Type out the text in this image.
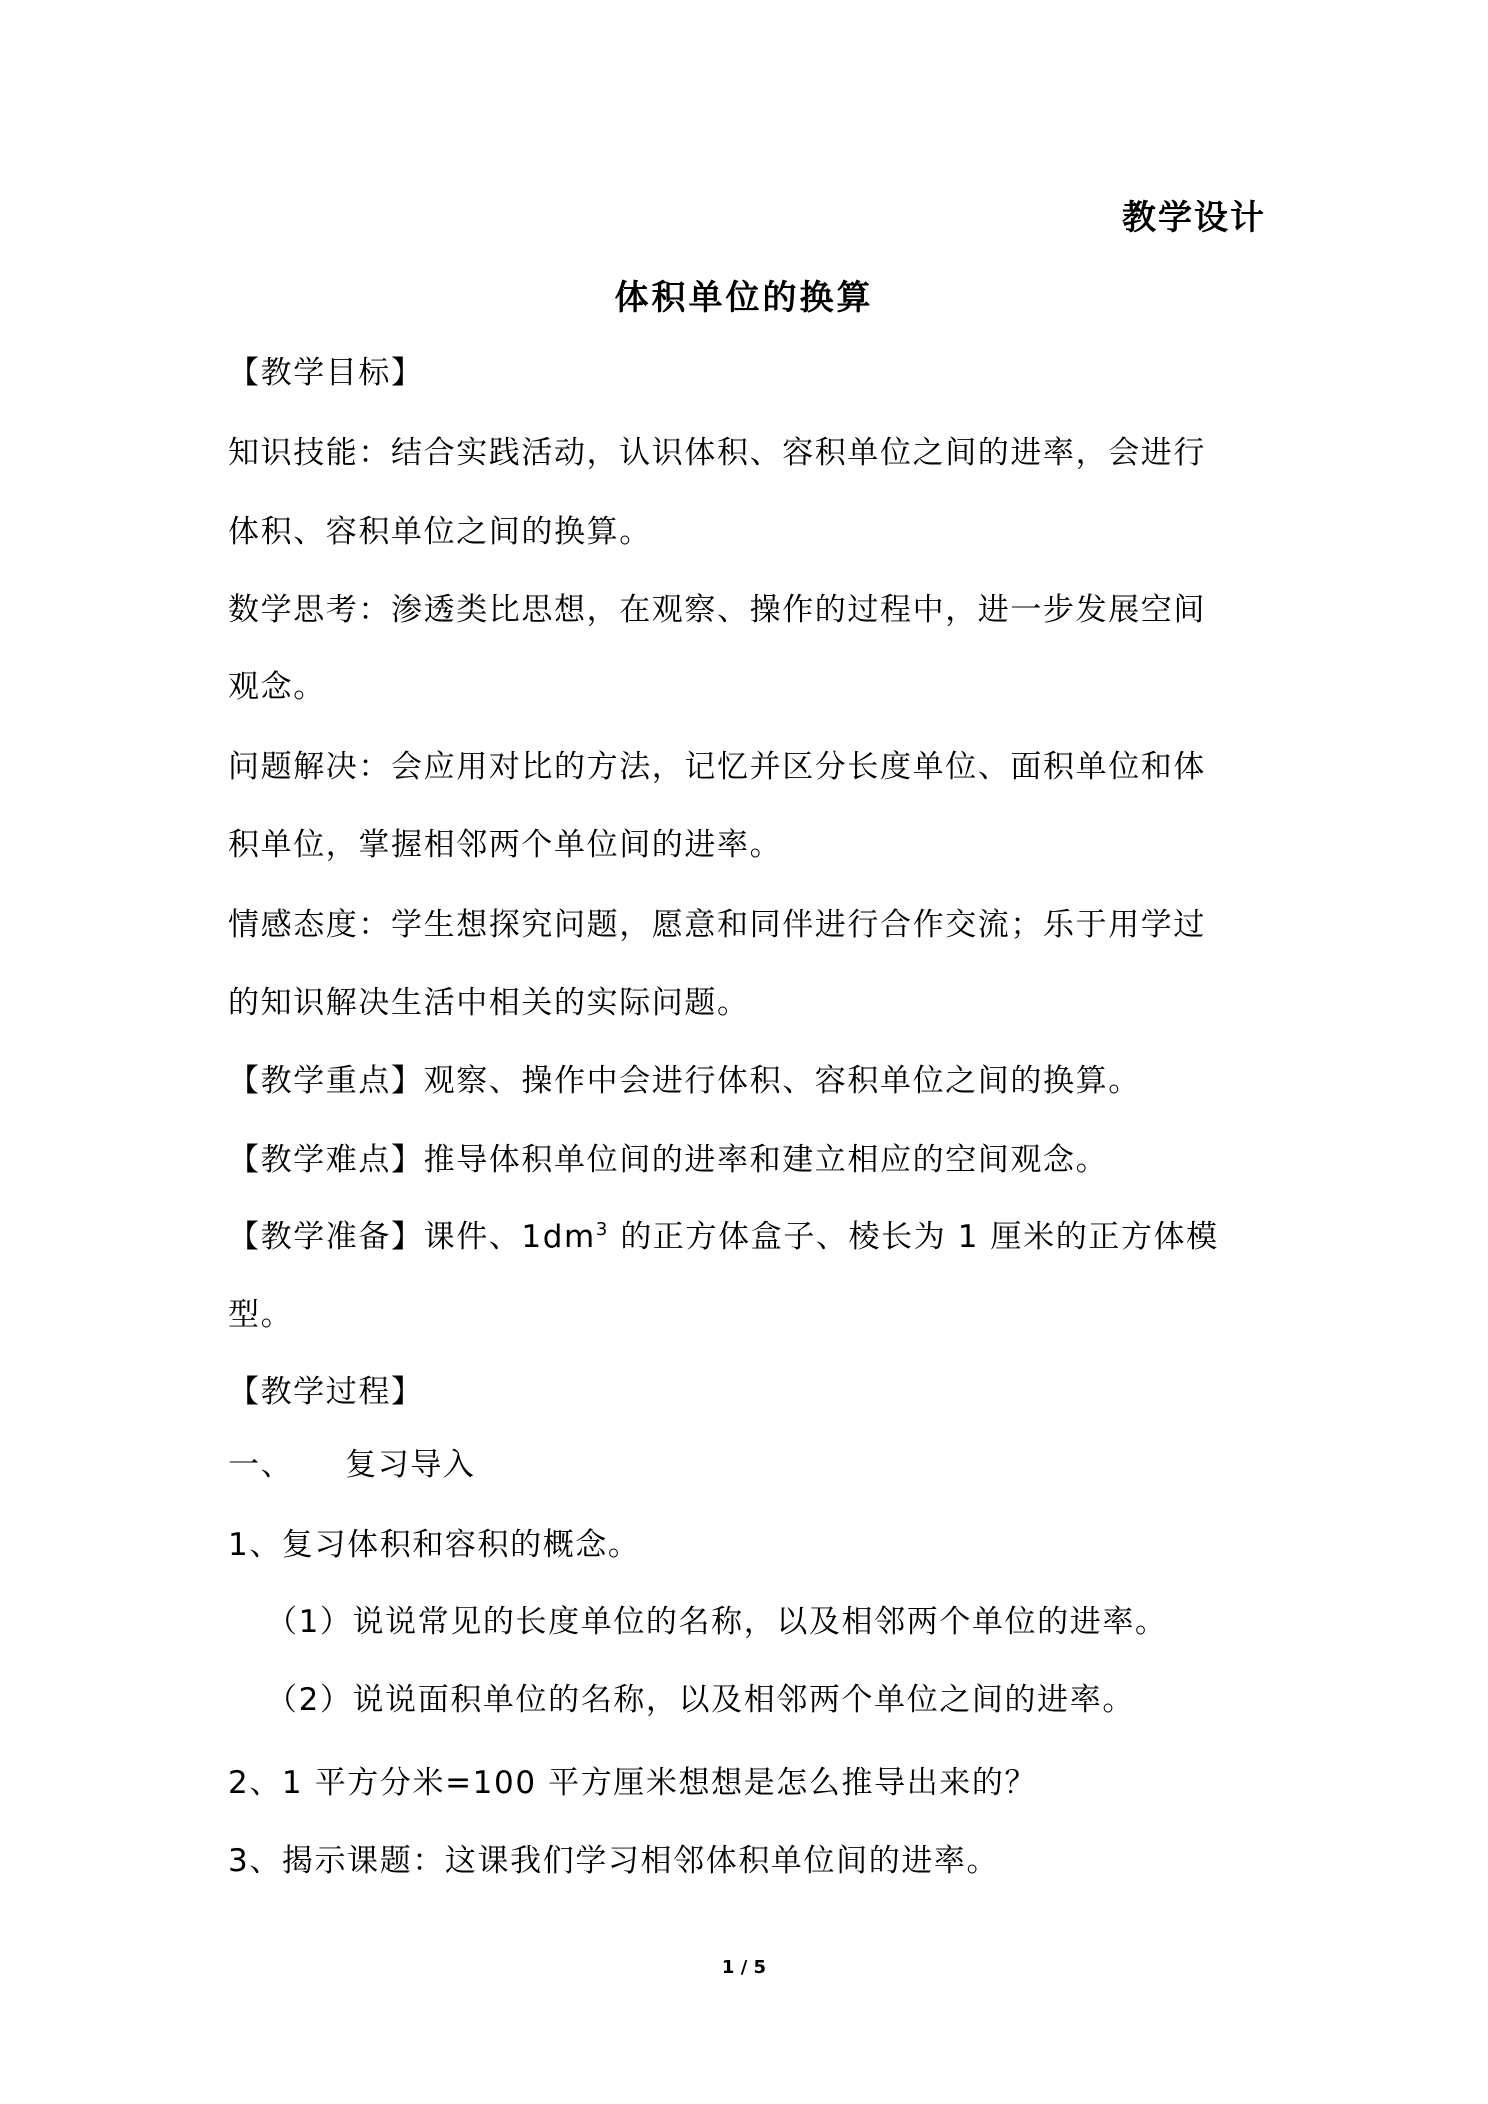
教学设计
体积单位的换算
【教学目标】
知识技能：结合实践活动，认识体积、容积单位之间的进率，会进行
体积、容积单位之间的换算。
数学思考：渗透类比思想，在观察、操作的过程中，进一步发展空间
观念。
问题解决：会应用对比的方法，记忆并区分长度单位、面积单位和体
积单位，掌握相邻两个单位间的进率。
情感态度：学生想探究问题，愿意和同伴进行合作交流；乐于用学过
的知识解决生活中相关的实际问题。
【教学重点】观察、操作中会进行体积、容积单位之间的换算。
【教学难点】推导体积单位间的进率和建立相应的空间观念。
【教学准备】课件、$1dm^3$ 的正方体盒子、棱长为 1 厘米的正方体模
型。
【教学过程】
一、 复习导入
1、复习体积和容积的概念。
（1）说说常见的长度单位的名称，以及相邻两个单位的进率。
（2）说说面积单位的名称，以及相邻两个单位之间的进率。
2、1 平方分米=100 平方厘米想想是怎么推导出来的？
3、揭示课题：这课我们学习相邻体积单位间的进率。
1 / 5
